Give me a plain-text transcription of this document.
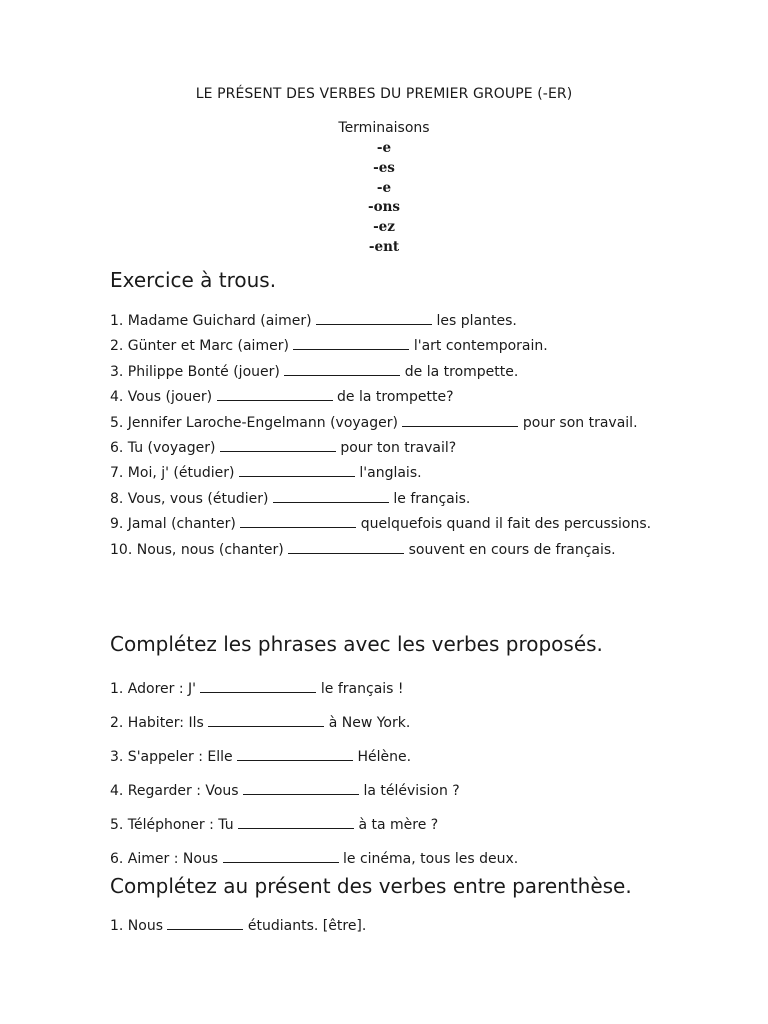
LE PRÉSENT DES VERBES DU PREMIER GROUPE (-ER)
Terminaisons
-e
-es
-e
-ons
-ez
-ent
Exercice à trous.
1. Madame Guichard (aimer)	les plantes.
2. Günter et Marc (aimer)	l'art contemporain.
3. Philippe Bonté (jouer)	de la trompette.
4. Vous (jouer)	de la trompette?
5. Jennifer Laroche-Engelmann (voyager)	pour son travail.
6. Tu (voyager)	pour ton travail?
7. Moi, j' (étudier)	l'anglais.
8. Vous, vous (étudier)	le français.
9. Jamal (chanter)	quelquefois quand il fait des percussions.
10. Nous, nous (chanter)	souvent en cours de français.
Complétez les phrases avec les verbes proposés.
1. Adorer : J'	le français !
2. Habiter: Ils	à New York.
3. S'appeler : Elle	Hélène.
4. Regarder : Vous	la télévision ?
5. Téléphoner : Tu	à ta mère ?
6. Aimer : Nous	le cinéma, tous les deux.
Complétez au présent des verbes entre parenthèse.
1. Nous	étudiants. [être].
